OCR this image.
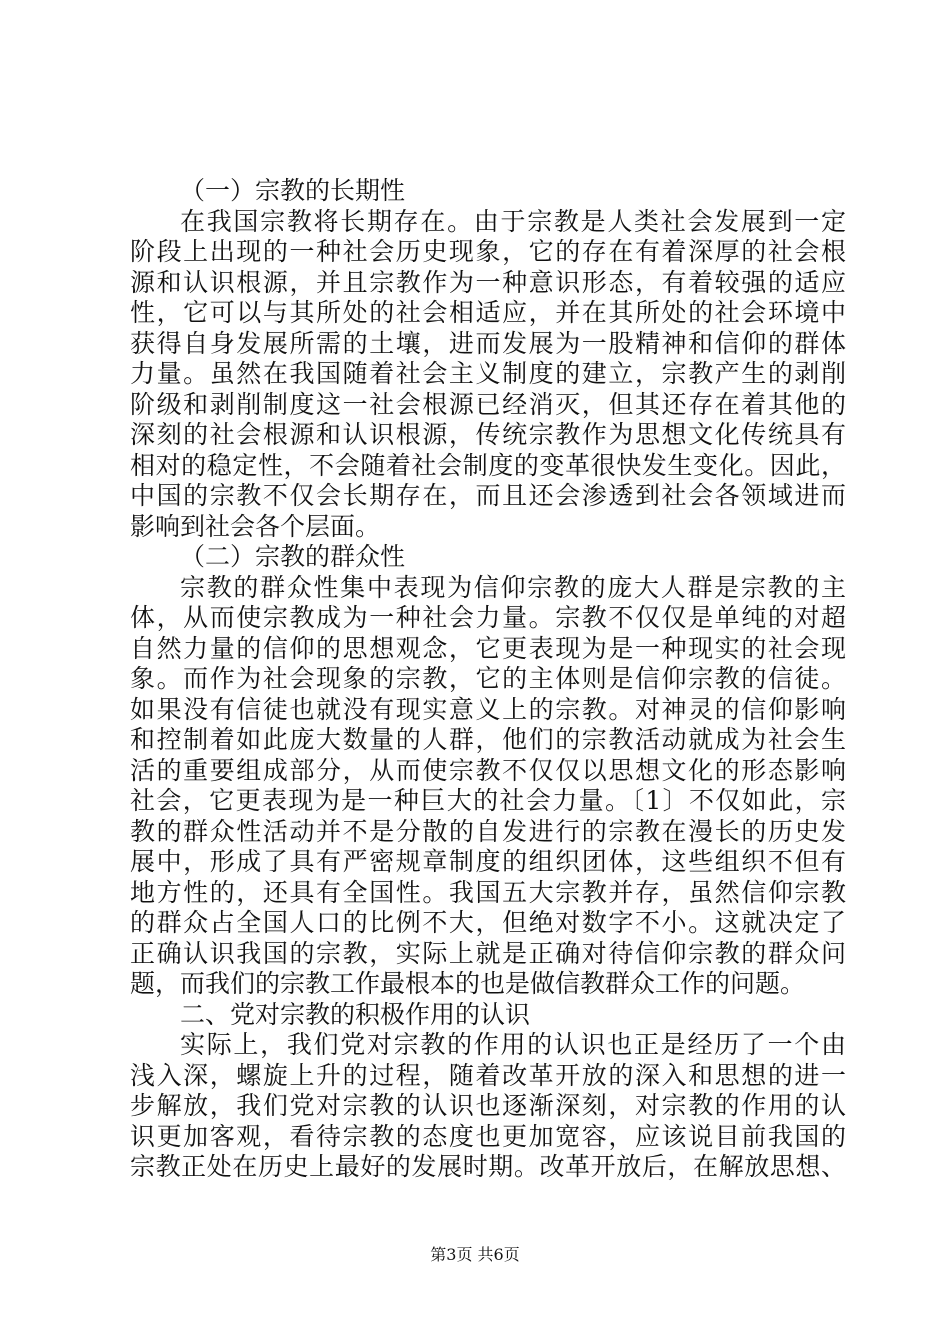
（一）宗教的长期性
在我国宗教将长期存在。由于宗教是人类社会发展到一定
阶段上出现的一种社会历史现象，它的存在有着深厚的社会根
源和认识根源，并且宗教作为一种意识形态，有着较强的适应
性，它可以与其所处的社会相适应，并在其所处的社会环境中
获得自身发展所需的土壤，进而发展为一股精神和信仰的群体
力量。虽然在我国随着社会主义制度的建立，宗教产生的剥削
阶级和剥削制度这一社会根源已经消灭，但其还存在着其他的
深刻的社会根源和认识根源，传统宗教作为思想文化传统具有
相对的稳定性，不会随着社会制度的变革很快发生变化。因此，
中国的宗教不仅会长期存在，而且还会渗透到社会各领域进而
影响到社会各个层面。
（二）宗教的群众性
宗教的群众性集中表现为信仰宗教的庞大人群是宗教的主
体，从而使宗教成为一种社会力量。宗教不仅仅是单纯的对超
自然力量的信仰的思想观念，它更表现为是一种现实的社会现
象。而作为社会现象的宗教，它的主体则是信仰宗教的信徒。
如果没有信徒也就没有现实意义上的宗教。对神灵的信仰影响
和控制着如此庞大数量的人群，他们的宗教活动就成为社会生
活的重要组成部分，从而使宗教不仅仅以思想文化的形态影响
社会，它更表现为是一种巨大的社会力量。〔1〕不仅如此，宗
教的群众性活动并不是分散的自发进行的宗教在漫长的历史发
展中，形成了具有严密规章制度的组织团体，这些组织不但有
地方性的，还具有全国性。我国五大宗教并存，虽然信仰宗教
的群众占全国人口的比例不大，但绝对数字不小。这就决定了
正确认识我国的宗教，实际上就是正确对待信仰宗教的群众问
题，而我们的宗教工作最根本的也是做信教群众工作的问题。
二、党对宗教的积极作用的认识
实际上，我们党对宗教的作用的认识也正是经历了一个由
浅入深，螺旋上升的过程，随着改革开放的深入和思想的进一
步解放，我们党对宗教的认识也逐渐深刻，对宗教的作用的认
识更加客观，看待宗教的态度也更加宽容，应该说目前我国的
宗教正处在历史上最好的发展时期。改革开放后，在解放思想、
第3页 共6页
